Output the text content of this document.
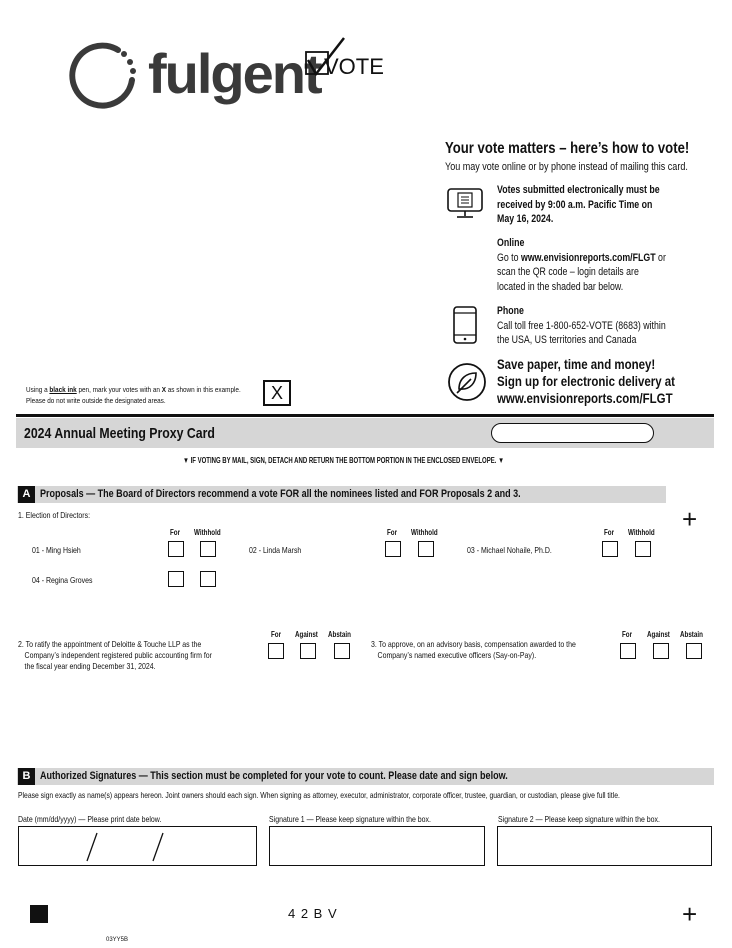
fulgent VOTE
Your vote matters – here’s how to vote!
You may vote online or by phone instead of mailing this card.
Votes submitted electronically must be
received by 9:00 a.m. Pacific Time on
May 16, 2024.
Online
Go to www.envisionreports.com/FLGT or
scan the QR code – login details are
located in the shaded bar below.
Phone
Call toll free 1-800-652-VOTE (8683) within
the USA, US territories and Canada
Save paper, time and money!
Sign up for electronic delivery at
www.envisionreports.com/FLGT
Using a black ink pen, mark your votes with an X as shown in this example.
Please do not write outside the designated areas.	X
2024 Annual Meeting Proxy Card
▼ IF VOTING BY MAIL, SIGN, DETACH AND RETURN THE BOTTOM PORTION IN THE ENCLOSED ENVELOPE. ▼
A Proposals — The Board of Directors recommend a vote FOR all the nominees listed and FOR Proposals 2 and 3.
+
1. Election of Directors:
For Withhold	For Withhold	For Withhold
01 - Ming Hsieh	02 - Linda Marsh	03 - Michael Nohaile, Ph.D.
04 - Regina Groves
For Against Abstain	For Against Abstain
2. To ratify the appointment of Deloitte & Touche LLP as the
Company’s independent registered public accounting firm for
the fiscal year ending December 31, 2024.
3. To approve, on an advisory basis, compensation awarded to the
Company’s named executive officers (Say-on-Pay).
B Authorized Signatures — This section must be completed for your vote to count. Please date and sign below.
Please sign exactly as name(s) appears hereon. Joint owners should each sign. When signing as attorney, executor, administrator, corporate officer, trustee, guardian, or custodian, please give full title.
Date (mm/dd/yyyy) — Please print date below.	Signature 1 — Please keep signature within the box.	Signature 2 — Please keep signature within the box.
4 2 B V
03YY5B
+
